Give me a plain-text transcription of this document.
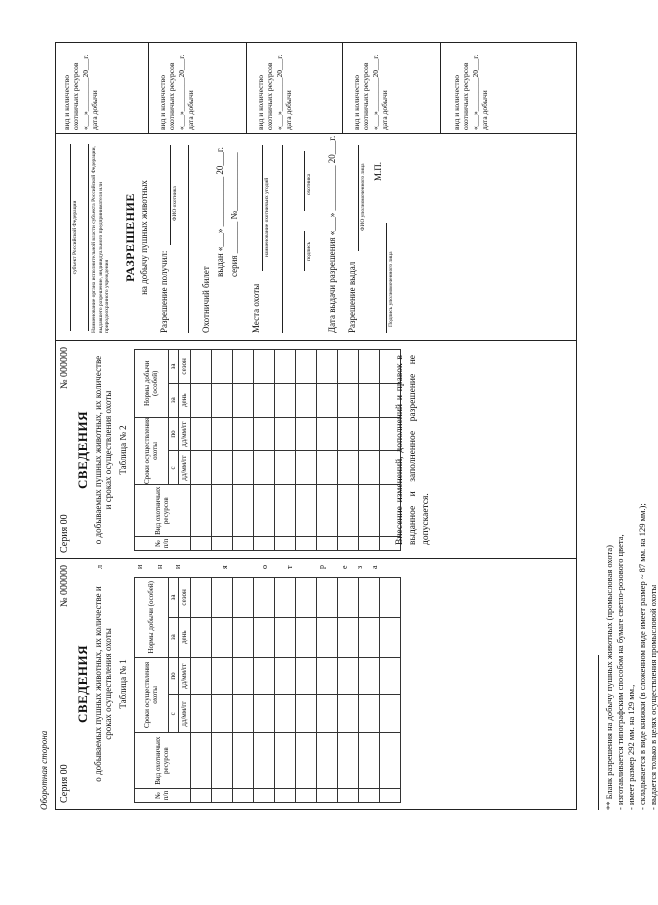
Оборотная сторона Серия 00
№ 000000
СВЕДЕНИЯ о добываемых пушных животных, их количестве и сроках осуществления охоты Таблица № 1
№ п/п	Вид охотничьих ресурсов	Сроки осуществления охоты		Нормы добычи (особей)	
		с	по	за	за
		дд/мм/гг	дд/мм/гг	день	сезон

л	и н и	я	о т	р е з а
Серия 00
№ 000000
СВЕДЕНИЯ о добываемых пушных животных, их количестве и сроках осуществления охоты Таблица № 2
№ п/п	Вид охотничьих ресурсов	Сроки осуществления охоты		Нормы добычи (особей)	
		с	по	за	за
		дд/мм/гг	дд/мм/гг	день	сезон

						Внесение изменений, дополнений и правок в выданное и заполненное разрешение не допускается.
субъект Российской Федерации Наименование органа исполнительной власти субъекта Российской Федерации, выдавшего разрешение, индивидуального предпринимателя или природоохранного учреждения
РАЗРЕШЕНИЕ на добычу пушных животных Разрешение получил:
ФИО охотника
Охотничий билет
выдан «___» ___________ 20___г. серия _______ №_____________
Места охоты
наименование охотничьих угодий	подпись
охотника Дата выдачи разрешения «___» __________ 20___г. Разрешение выдал
ФИО уполномоченного лица М.П.
Подпись уполномоченного лица
вид и количество охотничьих ресурсов «___»_________20___г. дата добычи	вид и количество охотничьих ресурсов «___»_________20___г. дата добычи	вид и количество охотничьих ресурсов «___»_________20___г. дата добычи	вид и количество охотничьих ресурсов «___»_________20___г. дата добычи	вид и количество охотничьих ресурсов «___»_________20___г. дата добычи
** Бланк разрешения на добычу пушных животных (промысловая охота) - изготавливается типографским способом на бумаге светло-розового цвета, - имеет размер 292 мм. на 129 мм., - складывается в виде книжки (в сложенном виде имеет размер ~ 87 мм. на 129 мм.); - выдается только в целях осуществления промысловой охоты
